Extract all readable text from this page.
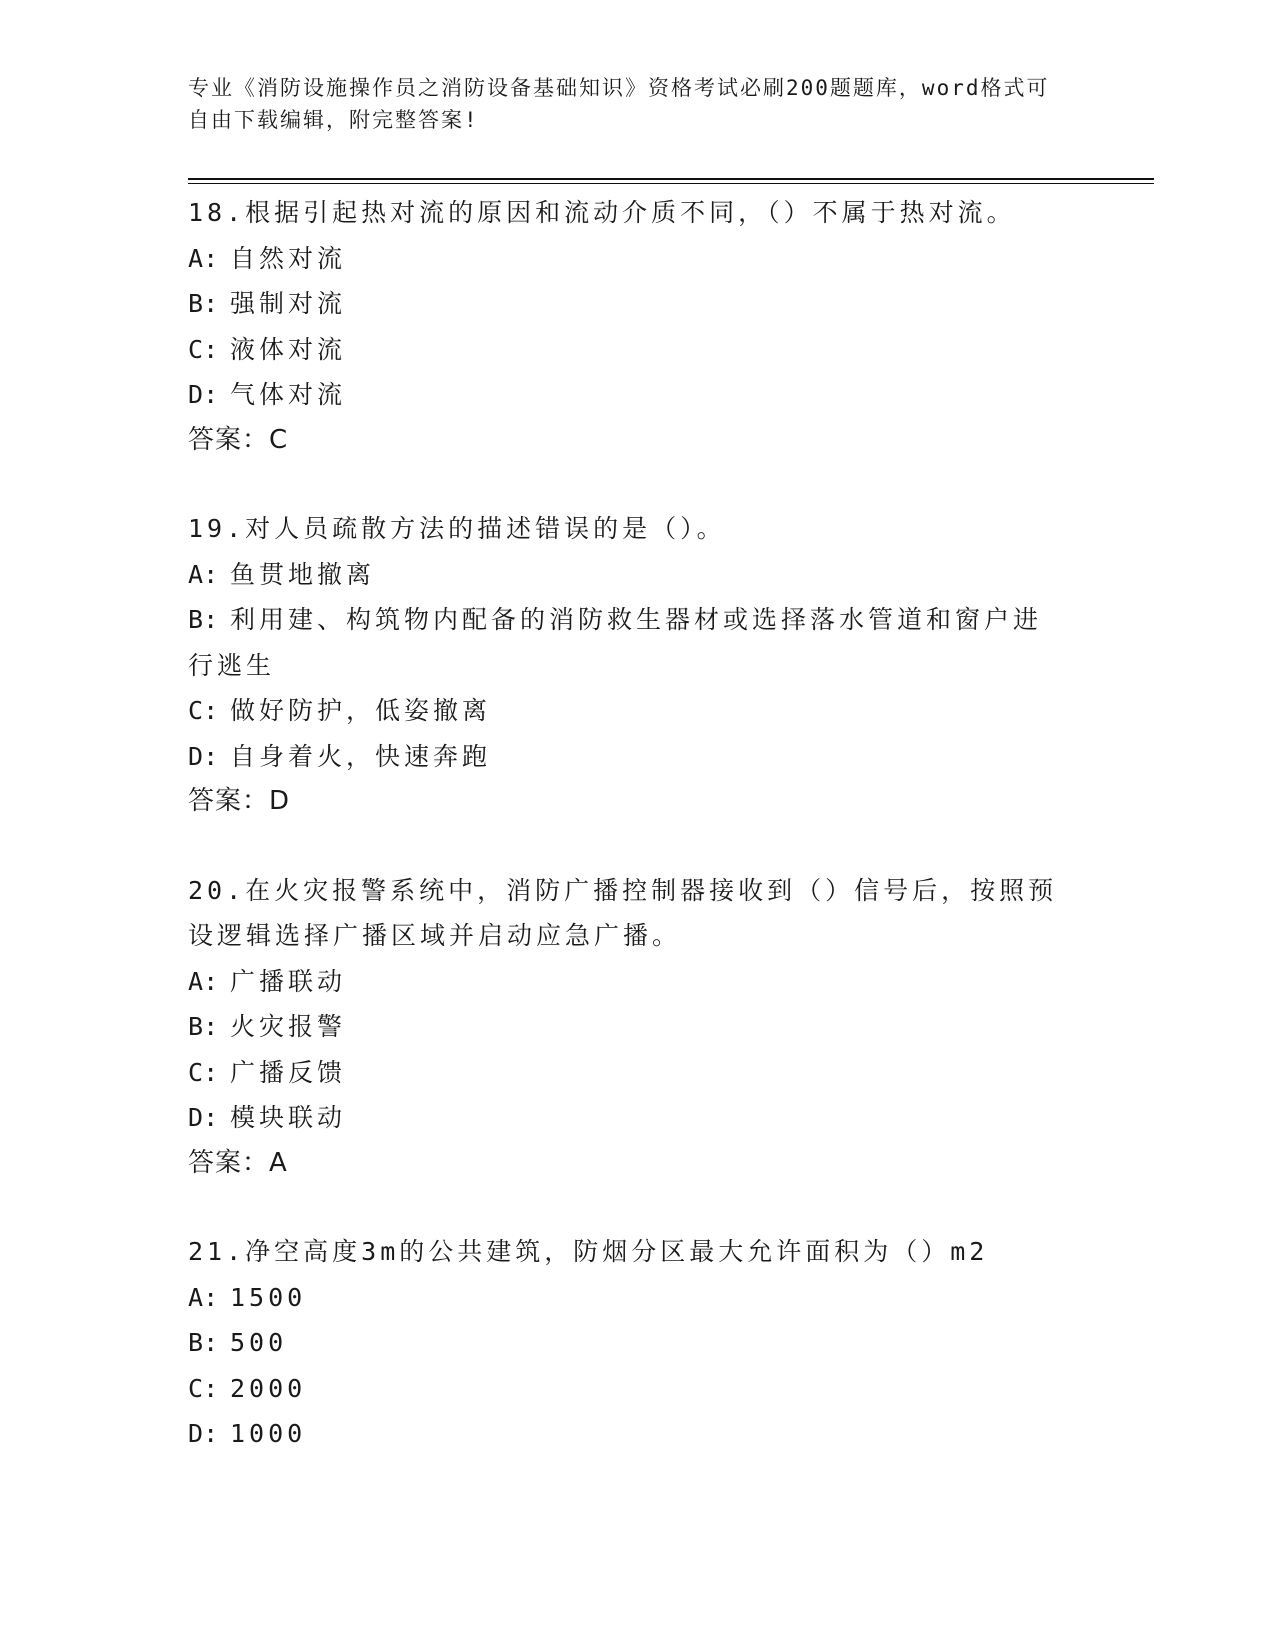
专业《消防设施操作员之消防设备基础知识》资格考试必刷200题题库，word格式可自由下载编辑，附完整答案!
18.根据引起热对流的原因和流动介质不同，（）不属于热对流。
A : 自然对流
B : 强制对流
C : 液体对流
D : 气体对流
答案：C
19.对人员疏散方法的描述错误的是（）。
A : 鱼贯地撤离
B : 利用建、构筑物内配备的消防救生器材或选择落水管道和窗户进行逃生
C : 做好防护，低姿撤离
D : 自身着火，快速奔跑
答案：D
20.在火灾报警系统中，消防广播控制器接收到（）信号后，按照预设逻辑选择广播区域并启动应急广播。
A : 广播联动
B : 火灾报警
C : 广播反馈
D : 模块联动
答案：A
21.净空高度3m的公共建筑，防烟分区最大允许面积为（）m2
A : 1500
B : 500
C : 2000
D : 1000
